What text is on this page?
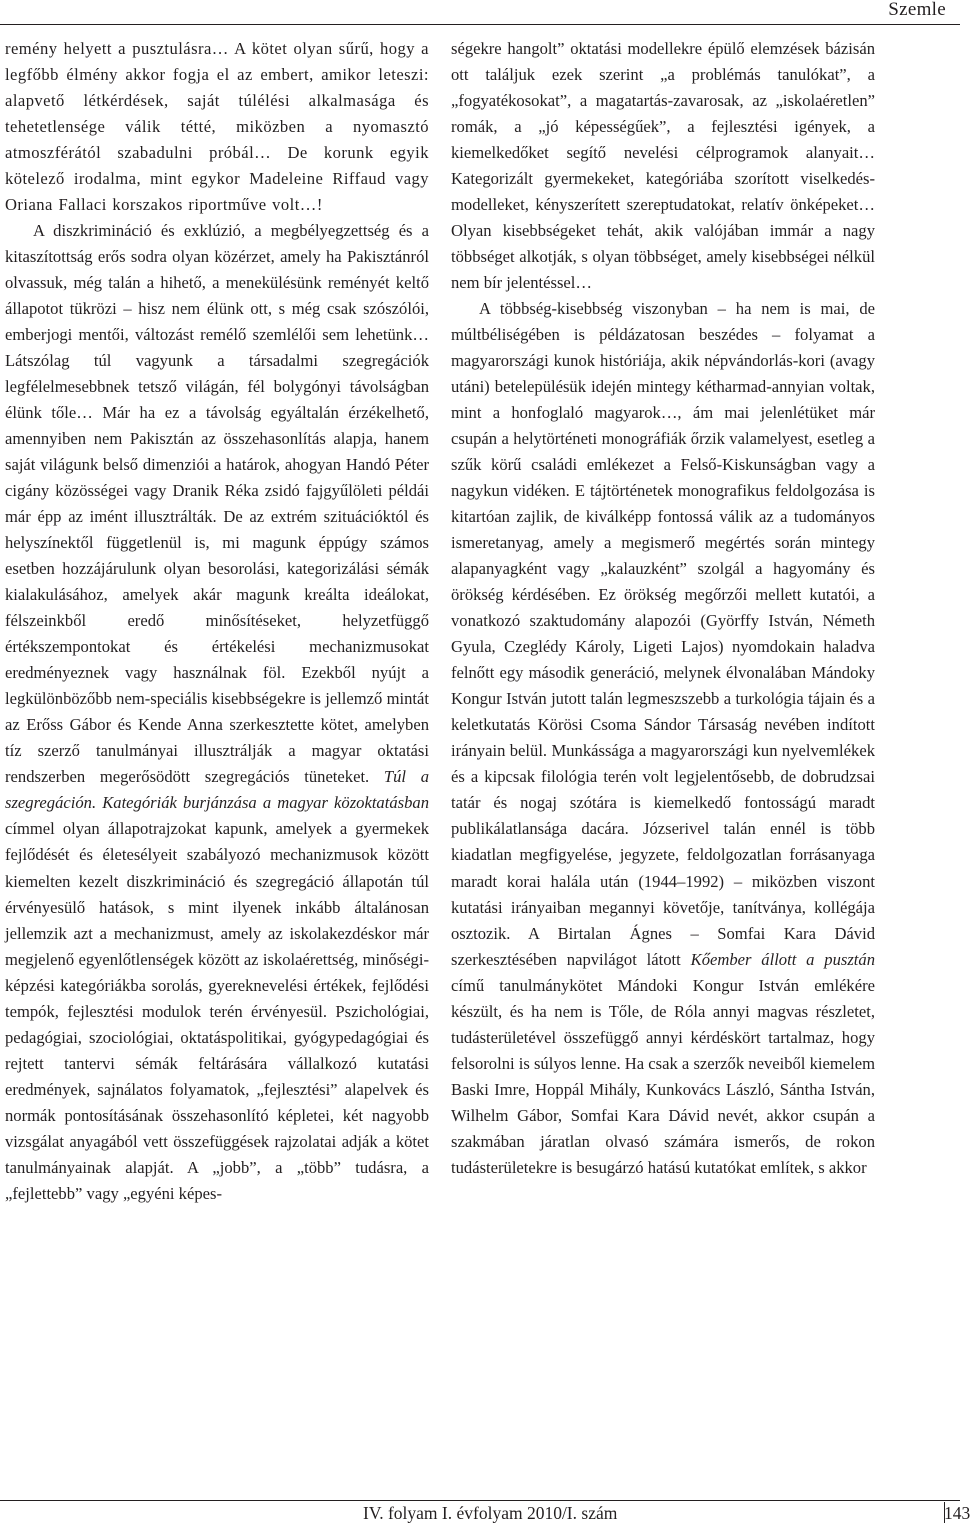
Szemle

remény helyett a pusztulásra… A kötet olyan sűrű, hogy a legfőbb élmény akkor fogja el az embert, amikor leteszi: alapvető létkérdések, saját túlélési alkalmasága és tehetetlensége válik tétté, miközben a nyomasztó atmoszférától szabadulni próbál… De korunk egyik kötelező irodalma, mint egykor Madeleine Riffaud vagy Oriana Fallaci korszakos riportműve volt…!

A diszkrimináció és exklúzió, a megbélyegzettség és a kitaszítottság erős sodra olyan közérzet, amely ha Pakisztánról olvassuk, még talán a hihető, a menekülésünk reményét keltő állapotot tükrözi – hisz nem élünk ott, s még csak szószólói, emberjogi mentői, változást remélő szemlélői sem lehetünk… Látszólag túl vagyunk a társadalmi szegregációk legfélelmesebbnek tetsző világán, fél bolygónyi távolságban élünk tőle… Már ha ez a távolság egyáltalán érzékelhető, amennyiben nem Pakisztán az összehasonlítás alapja, hanem saját világunk belső dimenziói a határok, ahogyan Handó Péter cigány közösségei vagy Dranik Réka zsidó fajgyűlöleti példái már épp az imént illusztrálták. De az extrém szituációktól és helyszínektől függetlenül is, mi magunk éppúgy számos esetben hozzájárulunk olyan besorolási, kategorizálási sémák kialakulásához, amelyek akár magunk kreálta ideálokat, félszeinkből eredő minősítéseket, helyzetfüggő értékszempontokat és értékelési mechanizmusokat eredményeznek vagy használnak föl. Ezekből nyújt a legkülönbözőbb nem-speciális kisebbségekre is jellemző mintát az Erőss Gábor és Kende Anna szerkesztette kötet, amelyben tíz szerző tanulmányai illusztrálják a magyar oktatási rendszerben megerősödött szegregációs tüneteket. Túl a szegregáción. Kategóriák burjánzása a magyar közoktatásban címmel olyan állapotrajzokat kapunk, amelyek a gyermekek fejlődését és életesélyeit szabályozó mechanizmusok között kiemelten kezelt diszkrimináció és szegregáció állapotán túl érvényesülő hatások, s mint ilyenek inkább általánosan jellemzik azt a mechanizmust, amely az iskolakezdéskor már megjelenő egyenlőtlenségek között az iskolaérettség, minőségi-képzési kategóriákba sorolás, gyereknevelési értékek, fejlődési tempók, fejlesztési modulok terén érvényesül. Pszichológiai, pedagógiai, szociológiai, oktatáspolitikai, gyógypedagógiai és rejtett tantervi sémák feltárására vállalkozó kutatási eredmények, sajnálatos folyamatok, „fejlesztési” alapelvek és normák pontosításának összehasonlító képletei, két nagyobb vizsgálat anyagából vett összefüggések rajzolatai adják a kötet tanulmányainak alapját. A „jobb”, a „több” tudásra, a „fejlettebb” vagy „egyéni képes-

ségekre hangolt” oktatási modellekre épülő elemzések bázisán ott találjuk ezek szerint „a problémás tanulókat”, a „fogyatékosokat”, a magatartás-zavarosak, az „iskolaéretlen” romák, a „jó képességűek”, a fejlesztési igények, a kiemelkedőket segítő nevelési célprogramok alanyait… Kategorizált gyermekeket, kategóriába szorított viselkedés-modelleket, kényszerített szereptudatokat, relatív önképeket… Olyan kisebbségeket tehát, akik valójában immár a nagy többséget alkotják, s olyan többséget, amely kisebbségei nélkül nem bír jelentéssel…

A többség-kisebbség viszonyban – ha nem is mai, de múltbéliségében is példázatosan beszédes – folyamat a magyarországi kunok históriája, akik népvándorlás-kori (avagy utáni) betelepülésük idején mintegy kétharmad-annyian voltak, mint a honfoglaló magyarok…, ám mai jelenlétüket már csupán a helytörténeti monográfiák őrzik valamelyest, esetleg a szűk körű családi emlékezet a Felső-Kiskunságban vagy a nagykun vidéken. E tájtörténetek monografikus feldolgozása is kitartóan zajlik, de kiválképp fontossá válik az a tudományos ismeretanyag, amely a megismerő megértés során mintegy alapanyagként vagy „kalauzként” szolgál a hagyomány és örökség kérdésében. Ez örökség megőrzői mellett kutatói, a vonatkozó szaktudomány alapozói (Györffy István, Németh Gyula, Czeglédy Károly, Ligeti Lajos) nyomdokain haladva felnőtt egy második generáció, melynek élvonalában Mándoky Kongur István jutott talán legmeszszebb a turkológia tájain és a keletkutatás Körösi Csoma Sándor Társaság nevében indított irányain belül. Munkássága a magyarországi kun nyelvemlékek és a kipcsak filológia terén volt legjelentősebb, de dobrudzsai tatár és nogaj szótára is kiemelkedő fontosságú maradt publikálatlansága dacára. Józserivel talán ennél is több kiadatlan megfigyelése, jegyzete, feldolgozatlan forrásanyaga maradt korai halála után (1944–1992) – miközben viszont kutatási irányaiban megannyi követője, tanítványa, kollégája osztozik. A Birtalan Ágnes – Somfai Kara Dávid szerkesztésében napvilágot látott Kőember állott a pusztán című tanulmánykötet Mándoki Kongur István emlékére készült, és ha nem is Tőle, de Róla annyi magvas részletet, tudásterületével összefüggő annyi kérdéskört tartalmaz, hogy felsorolni is súlyos lenne. Ha csak a szerzők neveiből kiemelem Baski Imre, Hoppál Mihály, Kunkovács László, Sántha István, Wilhelm Gábor, Somfai Kara Dávid nevét, akkor csupán a szakmában járatlan olvasó számára ismerős, de rokon tudásterületekre is besugárzó hatású kutatókat említek, s akkor

IV. folyam I. évfolyam 2010/I. szám	143
